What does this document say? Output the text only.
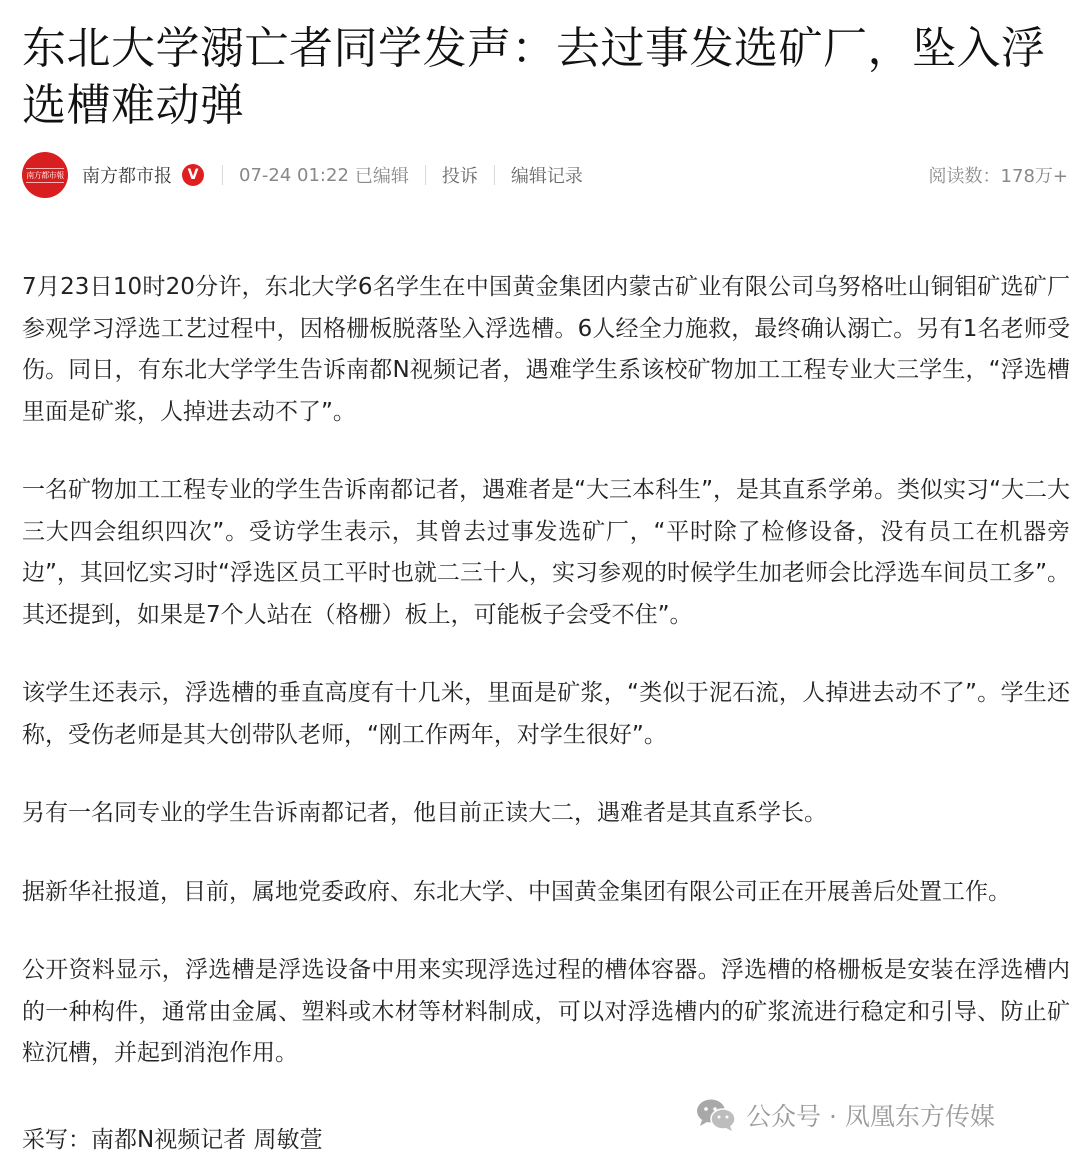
东北大学溺亡者同学发声：去过事发选矿厂，坠入浮选槽难动弹
南方都市報 南方都市报	V	07-24 01:22 已编辑 投诉 编辑记录	阅读数：178万+

7月23日10时20分许，东北大学6名学生在中国黄金集团内蒙古矿业有限公司乌努格吐山铜钼矿选矿厂参观学习浮选工艺过程中，因格栅板脱落坠入浮选槽。6人经全力施救，最终确认溺亡。另有1名老师受伤。同日，有东北大学学生告诉南都N视频记者，遇难学生系该校矿物加工工程专业大三学生，“浮选槽里面是矿浆，人掉进去动不了”。

一名矿物加工工程专业的学生告诉南都记者，遇难者是“大三本科生”，是其直系学弟。类似实习“大二大三大四会组织四次”。受访学生表示，其曾去过事发选矿厂，“平时除了检修设备，没有员工在机器旁边”，其回忆实习时“浮选区员工平时也就二三十人，实习参观的时候学生加老师会比浮选车间员工多”。其还提到，如果是7个人站在（格栅）板上，可能板子会受不住”。

该学生还表示，浮选槽的垂直高度有十几米，里面是矿浆，“类似于泥石流，人掉进去动不了”。学生还称，受伤老师是其大创带队老师，“刚工作两年，对学生很好”。

另有一名同专业的学生告诉南都记者，他目前正读大二，遇难者是其直系学长。

据新华社报道，目前，属地党委政府、东北大学、中国黄金集团有限公司正在开展善后处置工作。

公开资料显示，浮选槽是浮选设备中用来实现浮选过程的槽体容器。浮选槽的格栅板是安装在浮选槽内的一种构件，通常由金属、塑料或木材等材料制成，可以对浮选槽内的矿浆流进行稳定和引导、防止矿粒沉槽，并起到消泡作用。

采写：南都N视频记者 周敏萱
公众号 · 凤凰东方传媒
